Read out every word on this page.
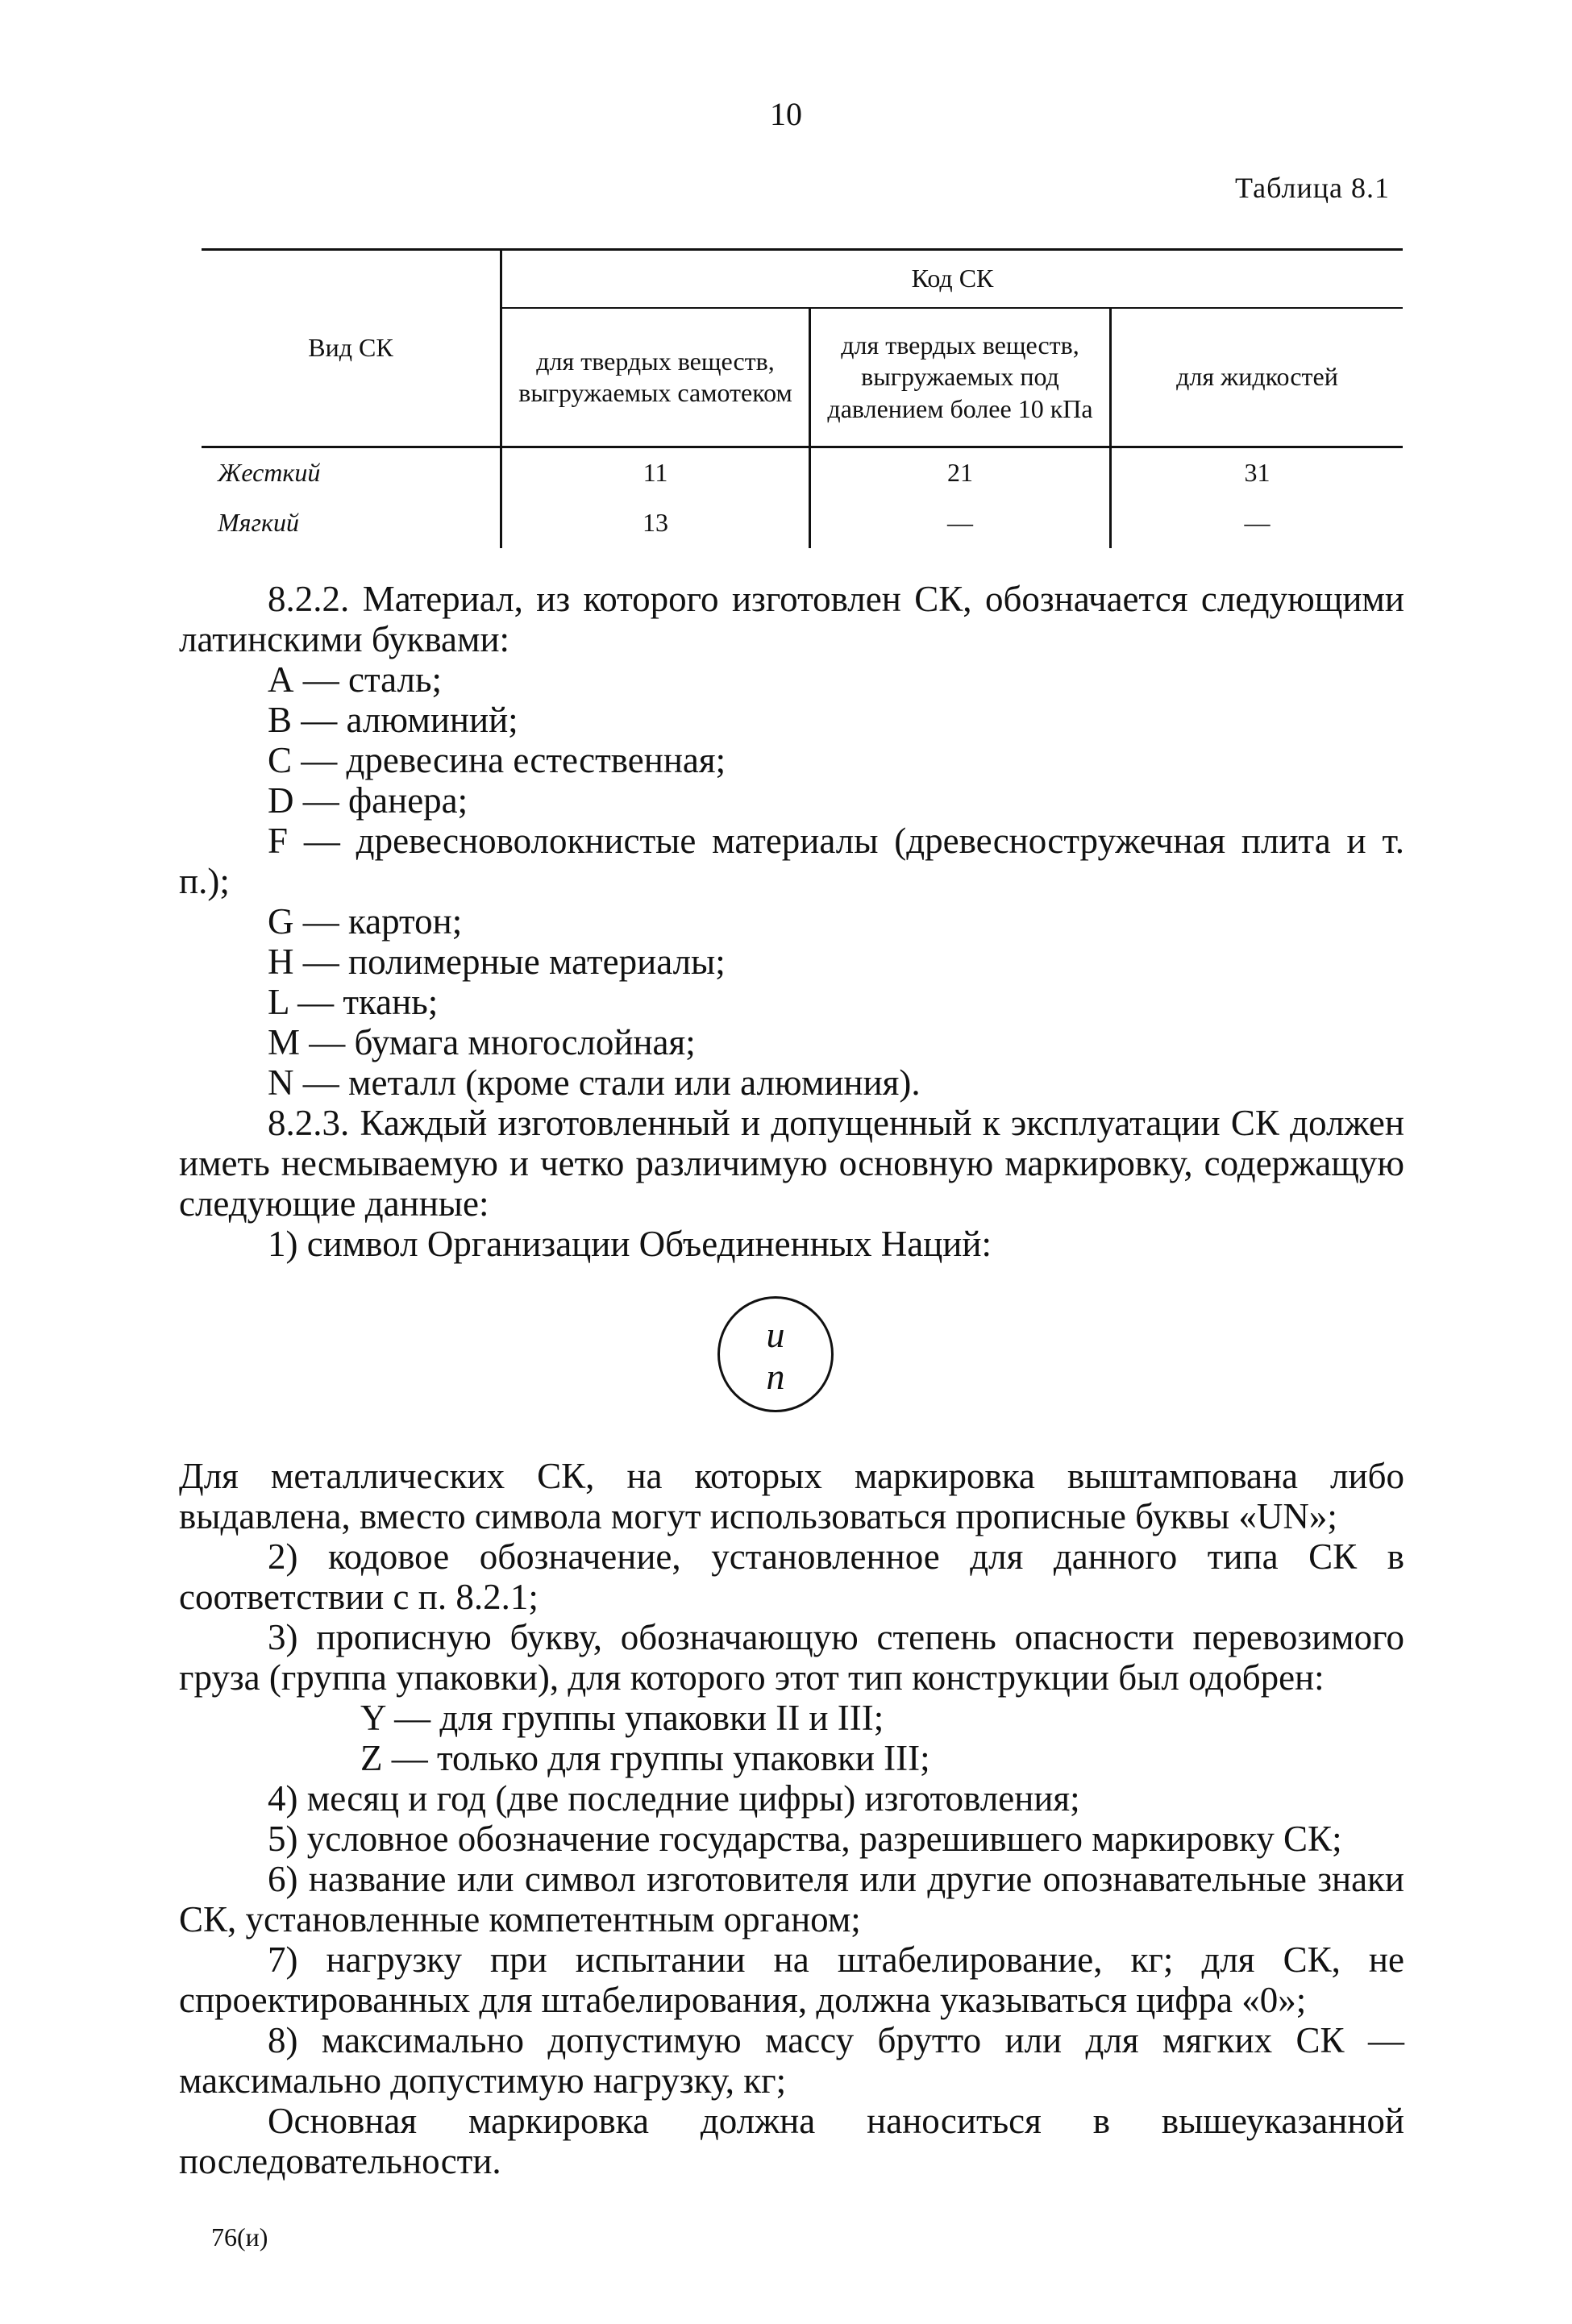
10
Таблица 8.1
Вид СК	Код СК		
	для твердых веществ, выгружаемых самотеком	для твердых веществ, выгружаемых под давлением более 10 кПа	для жидкостей
Жесткий	11	21	31
Мягкий	13	—	—

8.2.2. Материал, из которого изготовлен СК, обозначается следующими латинскими буквами:

А — сталь;

В — алюминий;

С — древесина естественная;

D — фанера;

F — древесноволокнистые материалы (древесностружечная плита и т. п.);

G — картон;

H — полимерные материалы;

L — ткань;

M — бумага многослойная;

N — металл (кроме стали или алюминия).

8.2.3. Каждый изготовленный и допущенный к эксплуатации СК должен иметь несмываемую и четко различимую основную маркировку, содержащую следующие данные:

1) символ Организации Объединенных Наций:

u
n

Для металлических СК, на которых маркировка выштампована либо выдавлена, вместо символа могут использоваться прописные буквы «UN»;

2) кодовое обозначение, установленное для данного типа СК в соответствии с п. 8.2.1;

3) прописную букву, обозначающую степень опасности перевозимого груза (группа упаковки), для которого этот тип конструкции был одобрен:

Y — для группы упаковки II и III;

Z — только для группы упаковки III;

4) месяц и год (две последние цифры) изготовления;

5) условное обозначение государства, разрешившего маркировку СК;

6) название или символ изготовителя или другие опознавательные знаки СК, установленные компетентным органом;

7) нагрузку при испытании на штабелирование, кг; для СК, не спроектированных для штабелирования, должна указываться цифра «0»;

8) максимально допустимую массу брутто или для мягких СК — максимально допустимую нагрузку, кг;

Основная маркировка должна наноситься в вышеуказанной последовательности.

76(и)
